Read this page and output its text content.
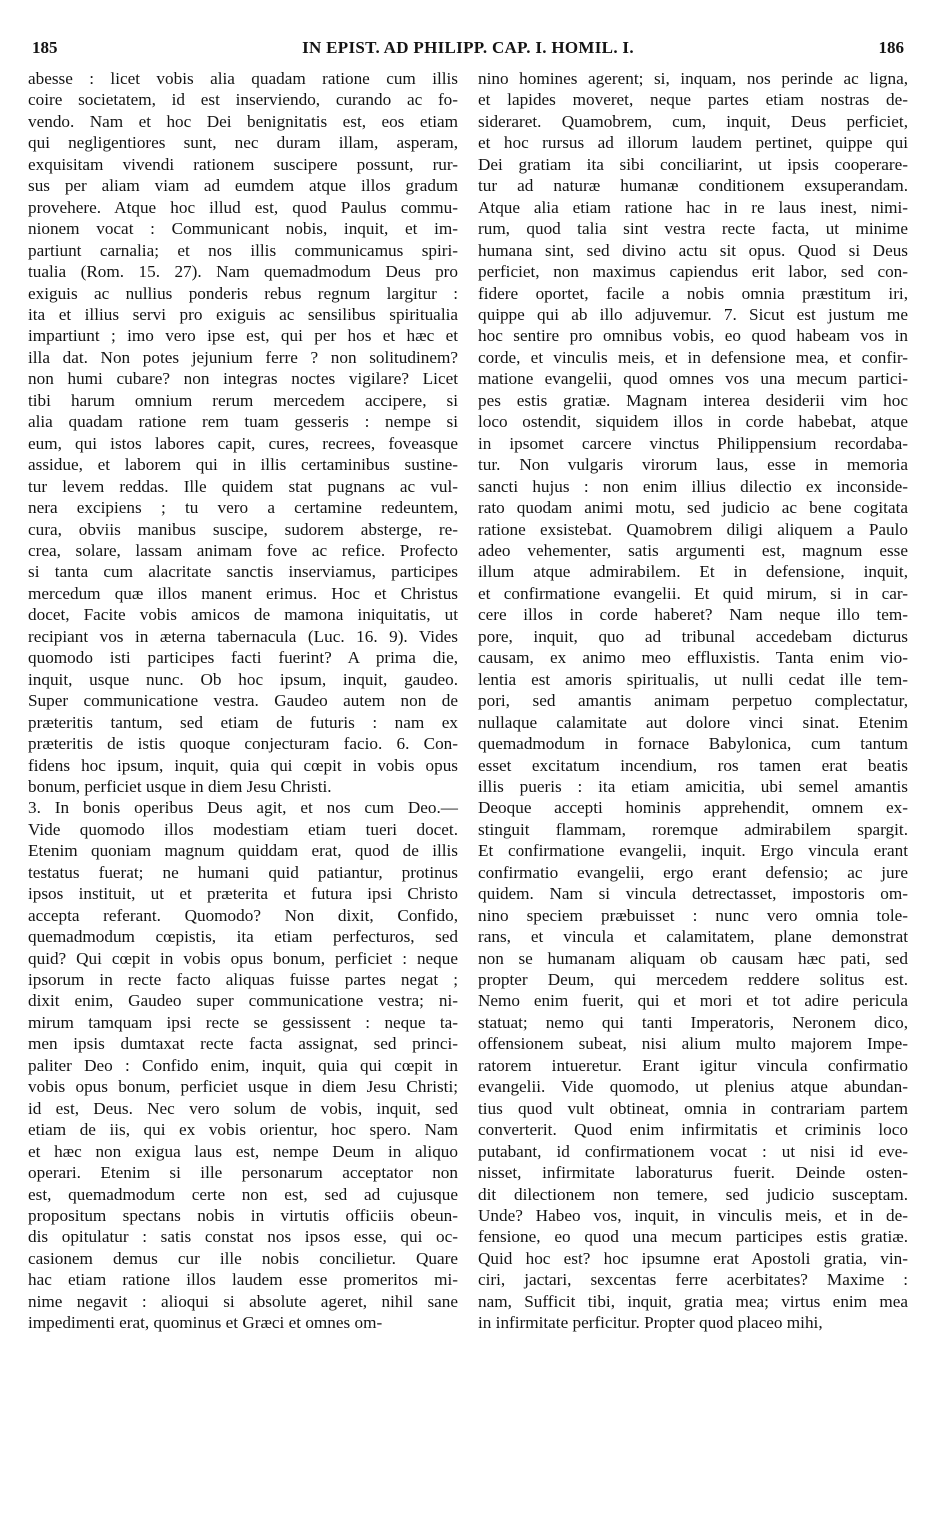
185	IN EPIST. AD PHILIPP. CAP. I. HOMIL. I.	186
abesse : licet vobis alia quadam ratione cum illis
coire societatem, id est inserviendo, curando ac fo-
vendo. Nam et hoc Dei benignitatis est, eos etiam
qui negligentiores sunt, nec duram illam, asperam,
exquisitam vivendi rationem suscipere possunt, rur-
sus per aliam viam ad eumdem atque illos gradum
provehere. Atque hoc illud est, quod Paulus commu-
nionem vocat : Communicant nobis, inquit, et im-
partiunt carnalia; et nos illis communicamus spiri-
tualia (Rom. 15. 27). Nam quemadmodum Deus pro
exiguis ac nullius ponderis rebus regnum largitur :
ita et illius servi pro exiguis ac sensilibus spiritualia
impartiunt ; imo vero ipse est, qui per hos et hæc et
illa dat. Non potes jejunium ferre ? non solitudinem?
non humi cubare? non integras noctes vigilare? Licet
tibi harum omnium rerum mercedem accipere, si
alia quadam ratione rem tuam gesseris : nempe si
eum, qui istos labores capit, cures, recrees, foveasque
assidue, et laborem qui in illis certaminibus sustine-
tur levem reddas. Ille quidem stat pugnans ac vul-
nera excipiens ; tu vero a certamine redeuntem,
cura, obviis manibus suscipe, sudorem absterge, re-
crea, solare, lassam animam fove ac refice. Profecto
si tanta cum alacritate sanctis inserviamus, participes
mercedum quæ illos manent erimus. Hoc et Christus
docet, Facite vobis amicos de mamona iniquitatis, ut
recipiant vos in æterna tabernacula (Luc. 16. 9). Vides
quomodo isti participes facti fuerint? A prima die,
inquit, usque nunc. Ob hoc ipsum, inquit, gaudeo.
Super communicatione vestra. Gaudeo autem non de
præteritis tantum, sed etiam de futuris : nam ex
præteritis de istis quoque conjecturam facio. 6. Con-
fidens hoc ipsum, inquit, quia qui cœpit in vobis opus
bonum, perficiet usque in diem Jesu Christi.
3. In bonis operibus Deus agit, et nos cum Deo.—
Vide quomodo illos modestiam etiam tueri docet.
Etenim quoniam magnum quiddam erat, quod de illis
testatus fuerat; ne humani quid patiantur, protinus
ipsos instituit, ut et præterita et futura ipsi Christo
accepta referant. Quomodo? Non dixit, Confido,
quemadmodum cœpistis, ita etiam perfecturos, sed
quid? Qui cœpit in vobis opus bonum, perficiet : neque
ipsorum in recte facto aliquas fuisse partes negat ;
dixit enim, Gaudeo super communicatione vestra; ni-
mirum tamquam ipsi recte se gessissent : neque ta-
men ipsis dumtaxat recte facta assignat, sed princi-
paliter Deo : Confido enim, inquit, quia qui cœpit in
vobis opus bonum, perficiet usque in diem Jesu Christi;
id est, Deus. Nec vero solum de vobis, inquit, sed
etiam de iis, qui ex vobis orientur, hoc spero. Nam
et hæc non exigua laus est, nempe Deum in aliquo
operari. Etenim si ille personarum acceptator non
est, quemadmodum certe non est, sed ad cujusque
propositum spectans nobis in virtutis officiis obeun-
dis opitulatur : satis constat nos ipsos esse, qui oc-
casionem demus cur ille nobis concilietur. Quare
hac etiam ratione illos laudem esse promeritos mi-
nime negavit : alioqui si absolute ageret, nihil sane
impedimenti erat, quominus et Græci et omnes om-
nino homines agerent; si, inquam, nos perinde ac ligna,
et lapides moveret, neque partes etiam nostras de-
sideraret. Quamobrem, cum, inquit, Deus perficiet,
et hoc rursus ad illorum laudem pertinet, quippe qui
Dei gratiam ita sibi conciliarint, ut ipsis cooperare-
tur ad naturæ humanæ conditionem exsuperandam.
Atque alia etiam ratione hac in re laus inest, nimi-
rum, quod talia sint vestra recte facta, ut minime
humana sint, sed divino actu sit opus. Quod si Deus
perficiet, non maximus capiendus erit labor, sed con-
fidere oportet, facile a nobis omnia præstitum iri,
quippe qui ab illo adjuvemur. 7. Sicut est justum me
hoc sentire pro omnibus vobis, eo quod habeam vos in
corde, et vinculis meis, et in defensione mea, et confir-
matione evangelii, quod omnes vos una mecum partici-
pes estis gratiæ. Magnam interea desiderii vim hoc
loco ostendit, siquidem illos in corde habebat, atque
in ipsomet carcere vinctus Philippensium recordaba-
tur. Non vulgaris virorum laus, esse in memoria
sancti hujus : non enim illius dilectio ex inconside-
rato quodam animi motu, sed judicio ac bene cogitata
ratione exsistebat. Quamobrem diligi aliquem a Paulo
adeo vehementer, satis argumenti est, magnum esse
illum atque admirabilem. Et in defensione, inquit,
et confirmatione evangelii. Et quid mirum, si in car-
cere illos in corde haberet? Nam neque illo tem-
pore, inquit, quo ad tribunal accedebam dicturus
causam, ex animo meo effluxistis. Tanta enim vio-
lentia est amoris spiritualis, ut nulli cedat ille tem-
pori, sed amantis animam perpetuo complectatur,
nullaque calamitate aut dolore vinci sinat. Etenim
quemadmodum in fornace Babylonica, cum tantum
esset excitatum incendium, ros tamen erat beatis
illis pueris : ita etiam amicitia, ubi semel amantis
Deoque accepti hominis apprehendit, omnem ex-
stinguit flammam, roremque admirabilem spargit.
Et confirmatione evangelii, inquit. Ergo vincula erant
confirmatio evangelii, ergo erant defensio; ac jure
quidem. Nam si vincula detrectasset, impostoris om-
nino speciem præbuisset : nunc vero omnia tole-
rans, et vincula et calamitatem, plane demonstrat
non se humanam aliquam ob causam hæc pati, sed
propter Deum, qui mercedem reddere solitus est.
Nemo enim fuerit, qui et mori et tot adire pericula
statuat; nemo qui tanti Imperatoris, Neronem dico,
offensionem subeat, nisi alium multo majorem Impe-
ratorem intueretur. Erant igitur vincula confirmatio
evangelii. Vide quomodo, ut plenius atque abundan-
tius quod vult obtineat, omnia in contrariam partem
converterit. Quod enim infirmitatis et criminis loco
putabant, id confirmationem vocat : ut nisi id eve-
nisset, infirmitate laboraturus fuerit. Deinde osten-
dit dilectionem non temere, sed judicio susceptam.
Unde? Habeo vos, inquit, in vinculis meis, et in de-
fensione, eo quod una mecum participes estis gratiæ.
Quid hoc est? hoc ipsumne erat Apostoli gratia, vin-
ciri, jactari, sexcentas ferre acerbitates? Maxime :
nam, Sufficit tibi, inquit, gratia mea; virtus enim mea
in infirmitate perficitur. Propter quod placeo mihi,
